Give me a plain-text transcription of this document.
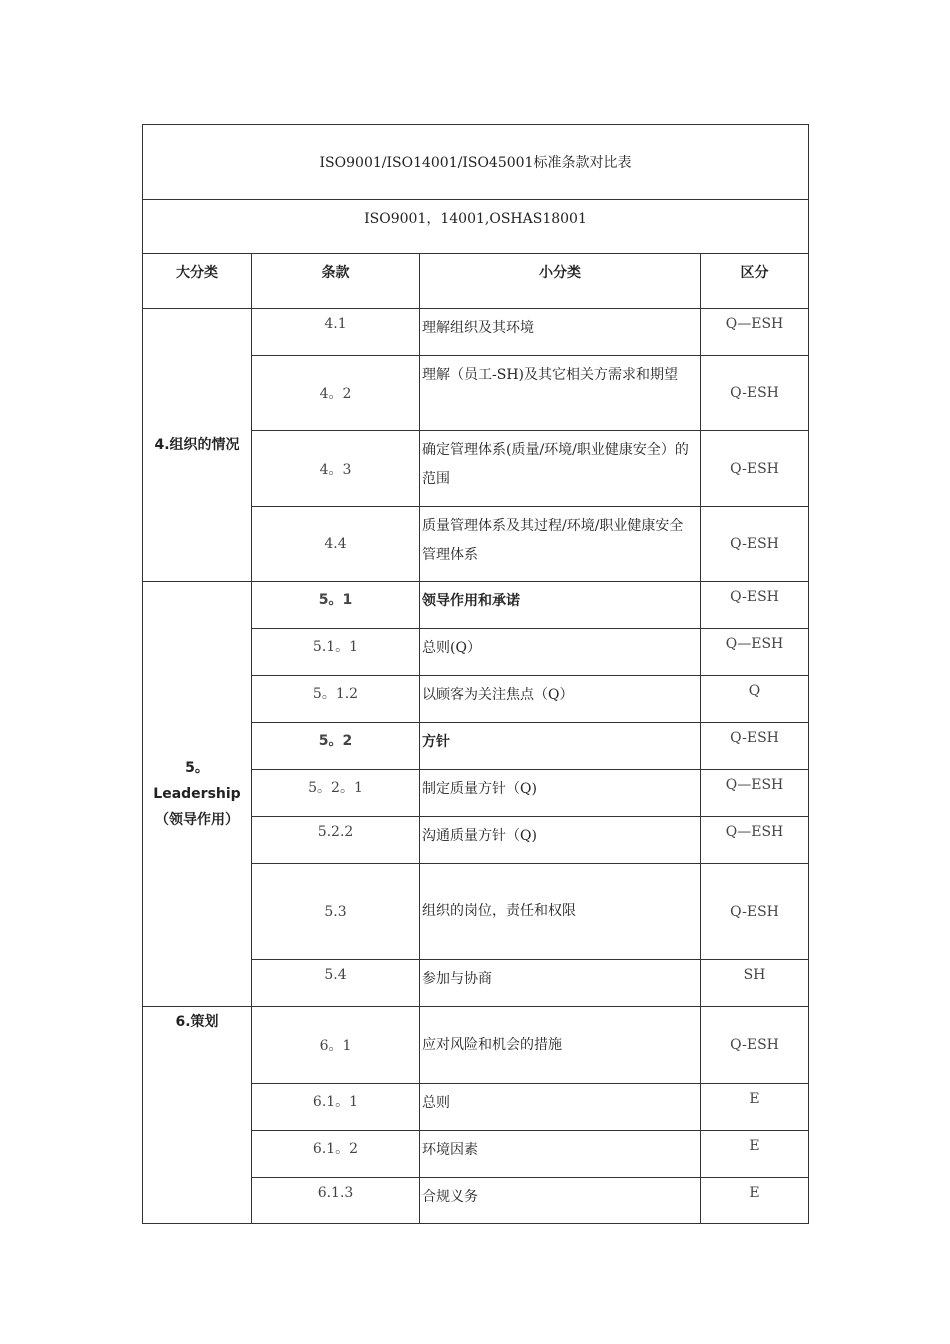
ISO9001/ISO14001/ISO45001标准条款对比表			
ISO9001，14001,OSHAS18001			
大分类	条款	小分类	区分
4.组织的情况	4.1	理解组织及其环境	Q—ESH
	4。2	理解（员工-SH)及其它相关方需求和期望	Q-ESH
	4。3	确定管理体系(质量/环境/职业健康安全）的范围	Q-ESH
	4.4	质量管理体系及其过程/环境/职业健康安全管理体系	Q-ESH

5。Leadership
（领导作用）	5。1	领导作用和承诺	Q-ESH
	5.1。1	总则(Q）	Q—ESH
	5。1.2	以顾客为关注焦点（Q）	Q
	5。2	方针	Q-ESH
	5。2。1	制定质量方针（Q)	Q—ESH
	5.2.2	沟通质量方针（Q)	Q—ESH
	5.3	组织的岗位，责任和权限	Q-ESH
	5.4	参加与协商	SH
6.策划	6。1	应对风险和机会的措施	Q-ESH
	6.1。1	总则	E
	6.1。2	环境因素	E
	6.1.3	合规义务	E
